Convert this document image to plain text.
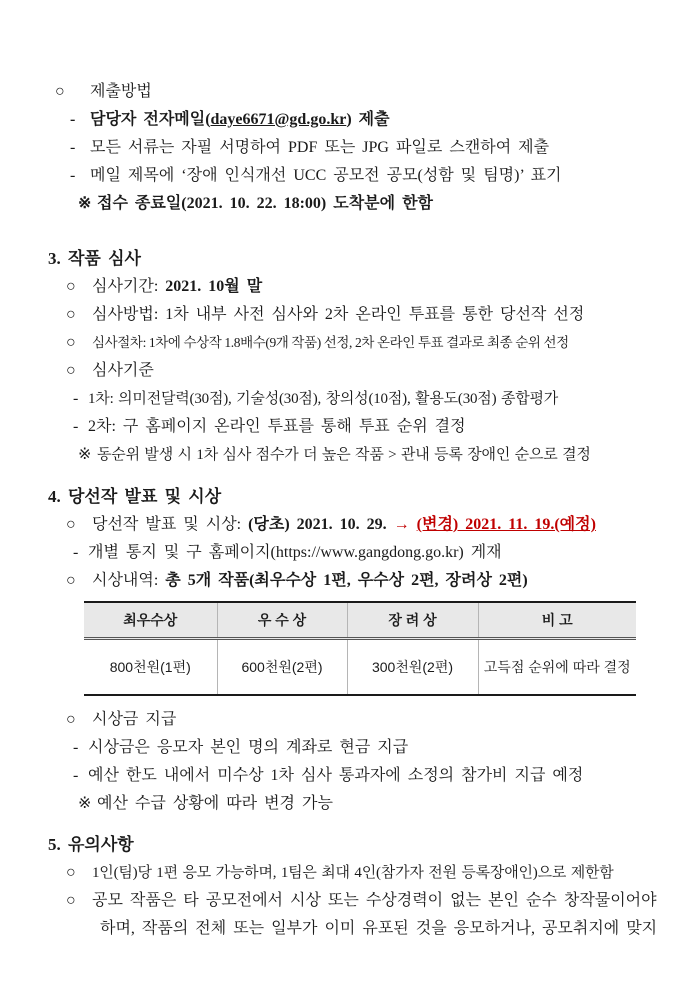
○ 제출방법
- 담당자 전자메일(daye6671@gd.go.kr) 제출
- 모든 서류는 자필 서명하여 PDF 또는 JPG 파일로 스캔하여 제출
- 메일 제목에 ‘장애 인식개선 UCC 공모전 공모(성함 및 팀명)’ 표기
※ 접수 종료일(2021. 10. 22. 18:00) 도착분에 한함
3. 작품 심사
○ 심사기간: 2021. 10월 말
○ 심사방법: 1차 내부 사전 심사와 2차 온라인 투표를 통한 당선작 선정
○ 심사절차: 1차에 수상작 1.8배수(9개 작품) 선정, 2차 온라인 투표 결과로 최종 순위 선정
○ 심사기준
- 1차: 의미전달력(30점), 기술성(30점), 창의성(10점), 활용도(30점) 종합평가
- 2차: 구 홈페이지 온라인 투표를 통해 투표 순위 결정
※ 동순위 발생 시 1차 심사 점수가 더 높은 작품 > 관내 등록 장애인 순으로 결정
4. 당선작 발표 및 시상
○ 당선작 발표 및 시상: (당초) 2021. 10. 29. → (변경) 2021. 11. 19.(예정)
- 개별 통지 및 구 홈페이지(https://www.gangdong.go.kr) 게재
○ 시상내역: 총 5개 작품(최우수상 1편, 우수상 2편, 장려상 2편)
최우수상	우 수 상	장 려 상	비 고
800천원(1편)	600천원(2편)	300천원(2편)	고득점 순위에 따라 결정
○ 시상금 지급
- 시상금은 응모자 본인 명의 계좌로 현금 지급
- 예산 한도 내에서 미수상 1차 심사 통과자에 소정의 참가비 지급 예정
※ 예산 수급 상황에 따라 변경 가능
5. 유의사항
○ 1인(팀)당 1편 응모 가능하며, 1팀은 최대 4인(참가자 전원 등록장애인)으로 제한함
○ 공모 작품은 타 공모전에서 시상 또는 수상경력이 없는 본인 순수 창작물이어야
하며, 작품의 전체 또는 일부가 이미 유포된 것을 응모하거나, 공모취지에 맞지
